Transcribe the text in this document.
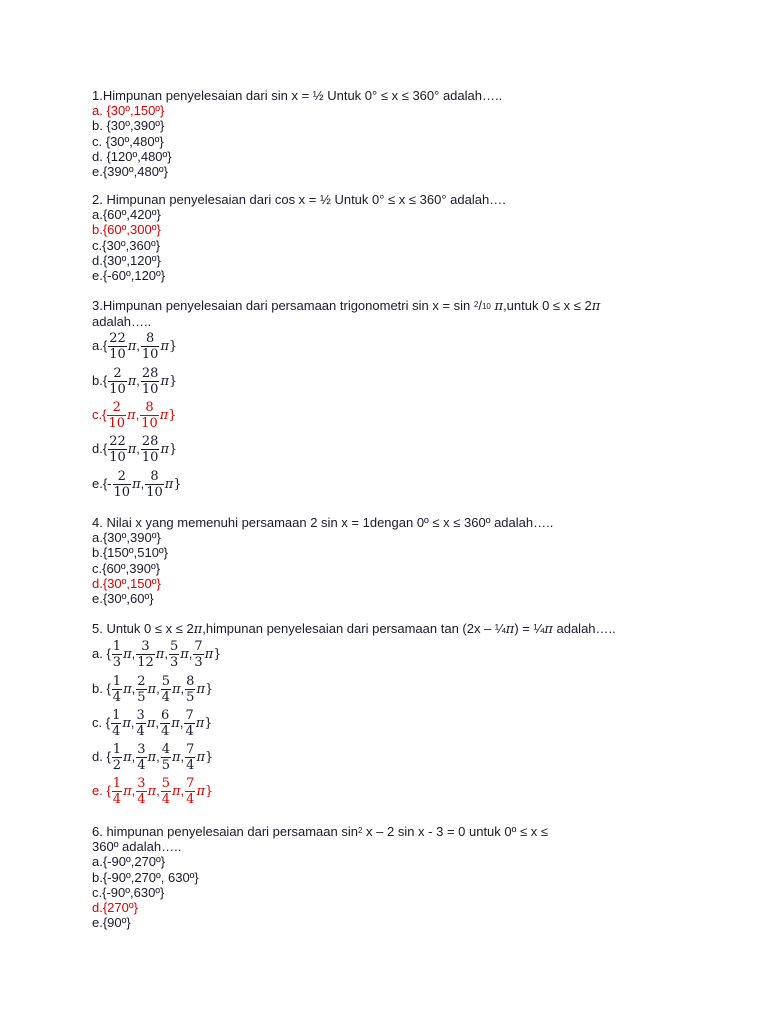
1.Himpunan penyelesaian dari sin x = ½ Untuk 0° ≤ x ≤ 360° adalah…..
a. {30º,150º}
b. {30º,390º}
c. {30º,480º}
d. {120º,480º}
e.{390º,480º}
2. Himpunan penyelesaian dari cos x = ½ Untuk 0° ≤ x ≤ 360° adalah….
a.{60º,420º}
b.{60º,300º}
c.{30º,360º}
d.{30º,120º}
e.{-60º,120º}
3.Himpunan penyelesaian dari persamaan trigonometri sin x = sin $^2$/10 π,untuk 0 ≤ x ≤ 2π
adalah…..
$a.\{ \frac{22}{10} \pi$, $\frac{8}{10} \pi$}
$b.\{ \frac{2}{10} \pi$, $\frac{28}{10} \pi$}
$c.\{ \frac{2}{10} \pi$, $\frac{8}{10} \pi$}
$d.\{ \frac{22}{10} \pi$, $\frac{28}{10} \pi$}
$e.\{- \frac{2}{10} \pi$, $\frac{8}{10} \pi$}
4. Nilai x yang memenuhi persamaan 2 sin x = 1dengan 0º ≤ x ≤ 360º adalah…..
a.{30º,390º}
b.{150º,510º}
c.{60º,390º}
d.{30º,150º}
e.{30º,60º}
5. Untuk 0 ≤ x ≤ 2π,himpunan penyelesaian dari persamaan tan (2x – ¼π) = ¼π adalah…..
a. { $\frac{1}{3} \pi$, $\frac{3}{12} \pi$, $\frac{5}{3} \pi$, $\frac{7}{3} \pi$}
b. { $\frac{1}{4} \pi$, $\frac{2}{5} \pi$, $\frac{5}{4} \pi$, $\frac{8}{5} \pi$}
c. { $\frac{1}{4} \pi$, $\frac{3}{4} \pi$, $\frac{6}{4} \pi$, $\frac{7}{4} \pi$}
d. { $\frac{1}{2} \pi$, $\frac{3}{4} \pi$, $\frac{4}{5} \pi$, $\frac{7}{4} \pi$}
e. { $\frac{1}{4} \pi$, $\frac{3}{4} \pi$, $\frac{5}{4} \pi$, $\frac{7}{4} \pi$}
6. himpunan penyelesaian dari persamaan $\sin^2 x - 2$ sin x - 3 = 0 untuk 0º ≤ x ≤
360º adalah…..
a.{-90º,270º}
b.{-90º,270º, 630º}
c.{-90º,630º}
d.{270º}
e.{90º}
